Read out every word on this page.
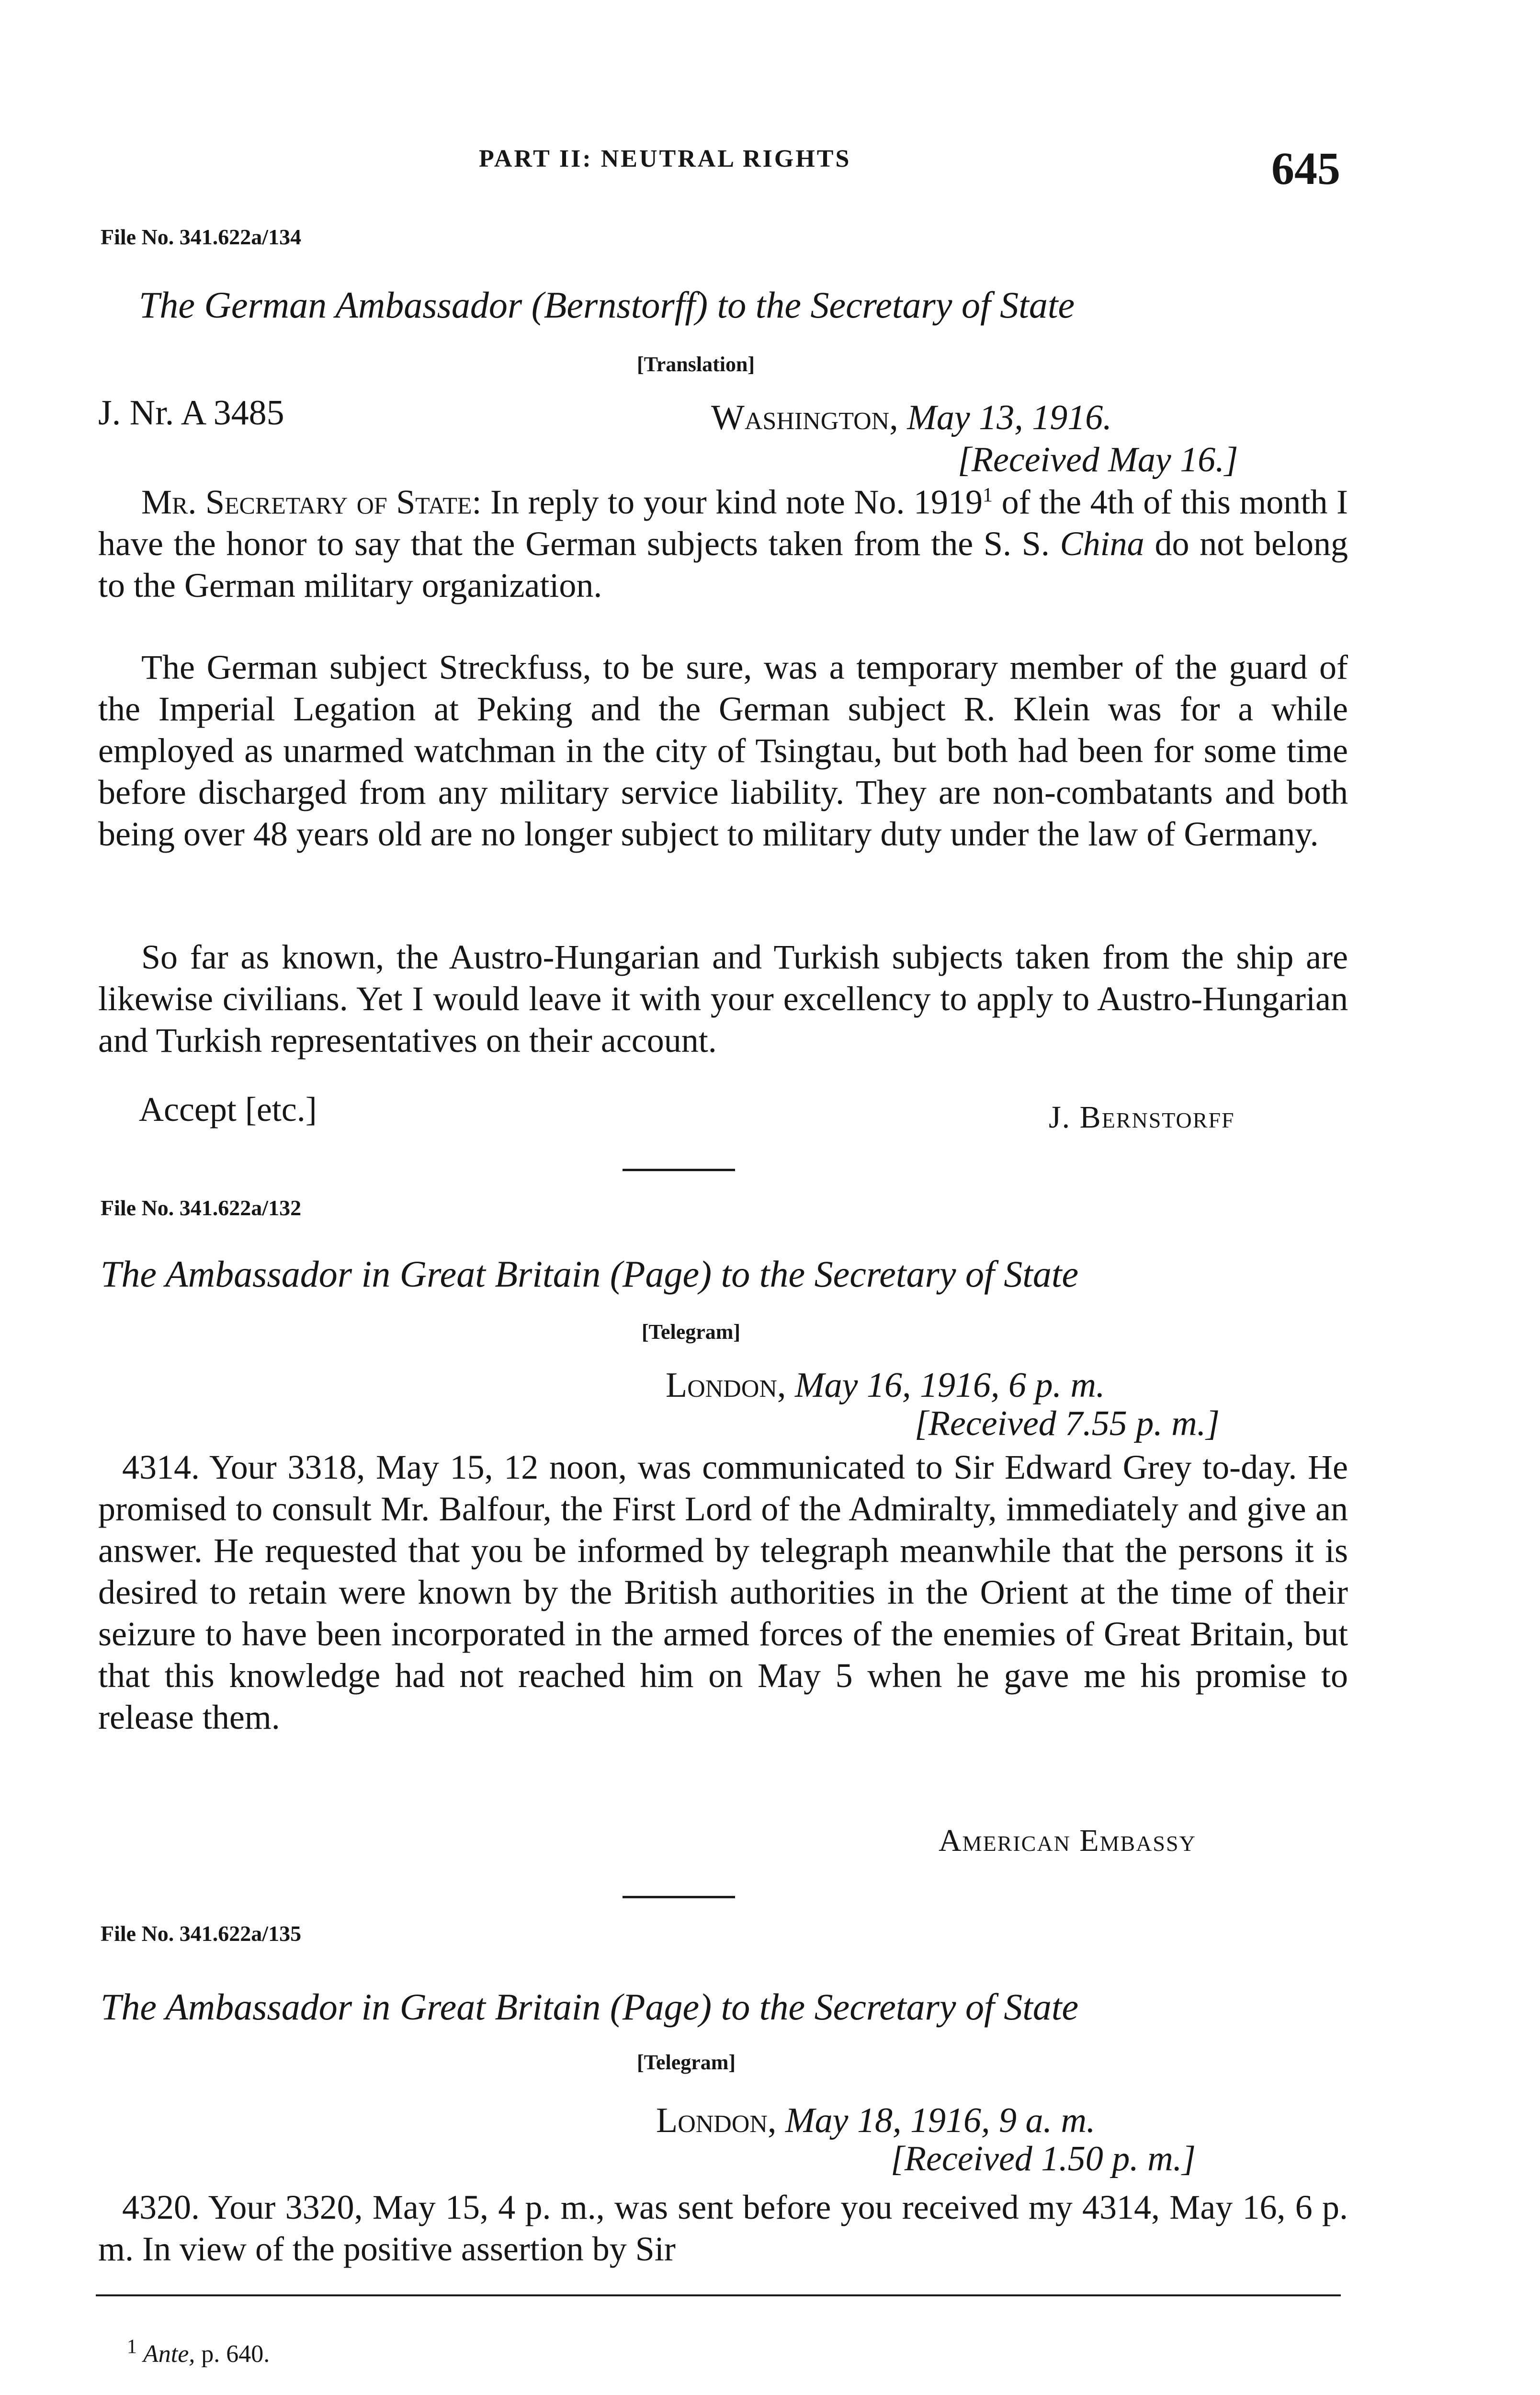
PART II: NEUTRAL RIGHTS	645
File No. 341.622a/134
The German Ambassador (Bernstorff) to the Secretary of State
[Translation]
J. Nr. A 3485	Washington, May 13, 1916.
[Received May 16.]

Mr. Secretary of State: In reply to your kind note No. 1919$^1$ of the 4th of this month I have the honor to say that the German subjects taken from the S. S. China do not belong to the German military organization.

The German subject Streckfuss, to be sure, was a temporary member of the guard of the Imperial Legation at Peking and the German subject R. Klein was for a while employed as unarmed watchman in the city of Tsingtau, but both had been for some time before discharged from any military service liability. They are non-combatants and both being over 48 years old are no longer subject to military duty under the law of Germany.

So far as known, the Austro-Hungarian and Turkish subjects taken from the ship are likewise civilians. Yet I would leave it with your excellency to apply to Austro-Hungarian and Turkish representatives on their account.

Accept [etc.]	J. Bernstorff
File No. 341.622a/132
The Ambassador in Great Britain (Page) to the Secretary of State
[Telegram]
London, May 16, 1916, 6 p. m.
[Received 7.55 p. m.]

4314. Your 3318, May 15, 12 noon, was communicated to Sir Edward Grey to-day. He promised to consult Mr. Balfour, the First Lord of the Admiralty, immediately and give an answer. He requested that you be informed by telegraph meanwhile that the persons it is desired to retain were known by the British authorities in the Orient at the time of their seizure to have been incorporated in the armed forces of the enemies of Great Britain, but that this knowledge had not reached him on May 5 when he gave me his promise to release them.

American Embassy
File No. 341.622a/135
The Ambassador in Great Britain (Page) to the Secretary of State
[Telegram]
London, May 18, 1916, 9 a. m.
[Received 1.50 p. m.]

4320. Your 3320, May 15, 4 p. m., was sent before you received my 4314, May 16, 6 p. m. In view of the positive assertion by Sir

$^1$ Ante, p. 640.
